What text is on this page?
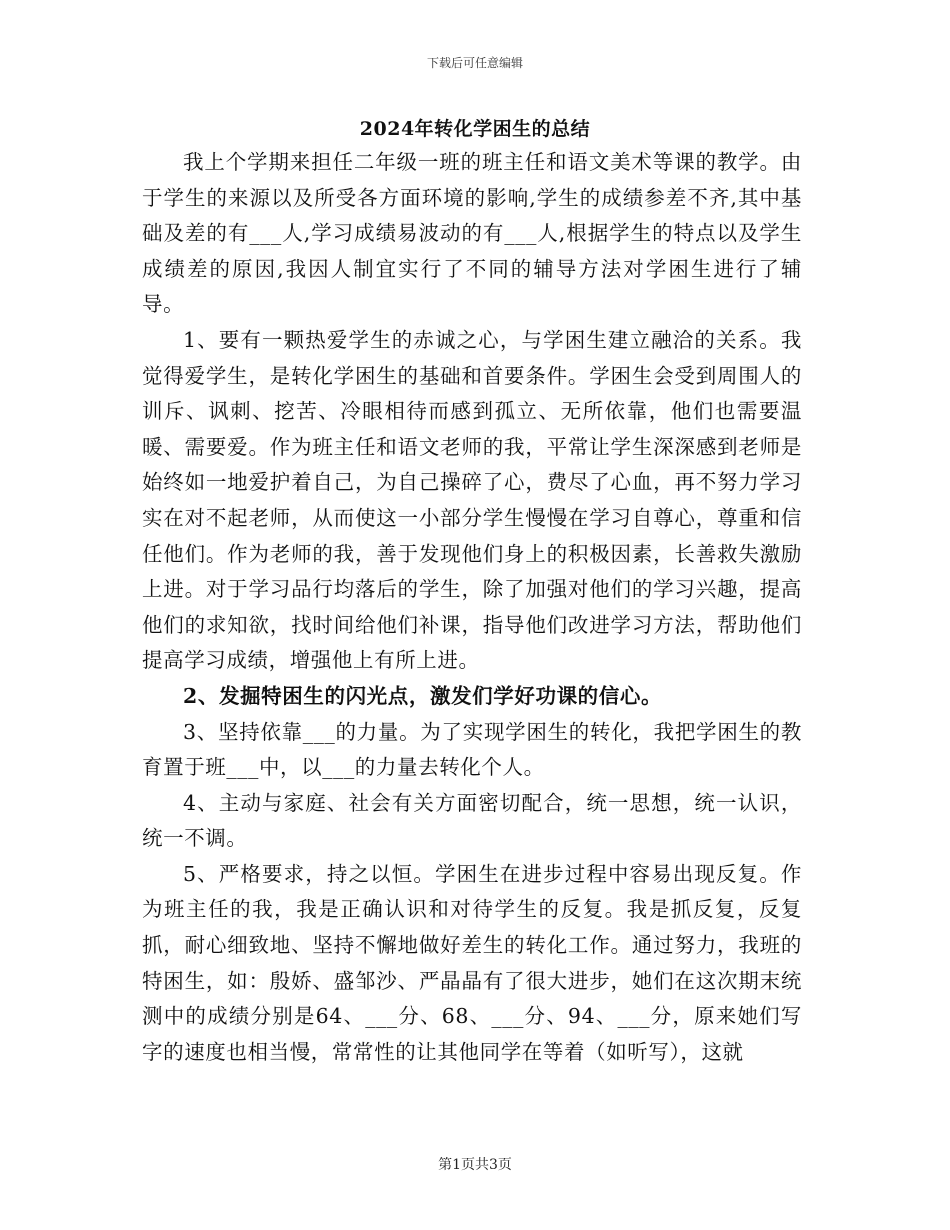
下载后可任意编辑
2024年转化学困生的总结

我上个学期来担任二年级一班的班主任和语文美术等课的教学。由于学生的来源以及所受各方面环境的影响,学生的成绩参差不齐,其中基础及差的有___人,学习成绩易波动的有___人,根据学生的特点以及学生成绩差的原因,我因人制宜实行了不同的辅导方法对学困生进行了辅导。

1、要有一颗热爱学生的赤诚之心，与学困生建立融洽的关系。我觉得爱学生，是转化学困生的基础和首要条件。学困生会受到周围人的训斥、讽刺、挖苦、冷眼相待而感到孤立、无所依靠，他们也需要温暖、需要爱。作为班主任和语文老师的我，平常让学生深深感到老师是始终如一地爱护着自己，为自己操碎了心，费尽了心血，再不努力学习实在对不起老师，从而使这一小部分学生慢慢在学习自尊心，尊重和信任他们。作为老师的我，善于发现他们身上的积极因素，长善救失激励上进。对于学习品行均落后的学生，除了加强对他们的学习兴趣，提高他们的求知欲，找时间给他们补课，指导他们改进学习方法，帮助他们提高学习成绩，增强他上有所上进。

2、发掘特困生的闪光点，激发们学好功课的信心。

3、坚持依靠___的力量。为了实现学困生的转化，我把学困生的教育置于班___中，以___的力量去转化个人。

4、主动与家庭、社会有关方面密切配合，统一思想，统一认识，统一不调。

5、严格要求，持之以恒。学困生在进步过程中容易出现反复。作为班主任的我，我是正确认识和对待学生的反复。我是抓反复，反复抓，耐心细致地、坚持不懈地做好差生的转化工作。通过努力，我班的特困生，如：殷娇、盛邹沙、严晶晶有了很大进步，她们在这次期末统测中的成绩分别是64、___分、68、___分、94、___分，原来她们写字的速度也相当慢，常常性的让其他同学在等着（如听写），这就

第1页共3页
